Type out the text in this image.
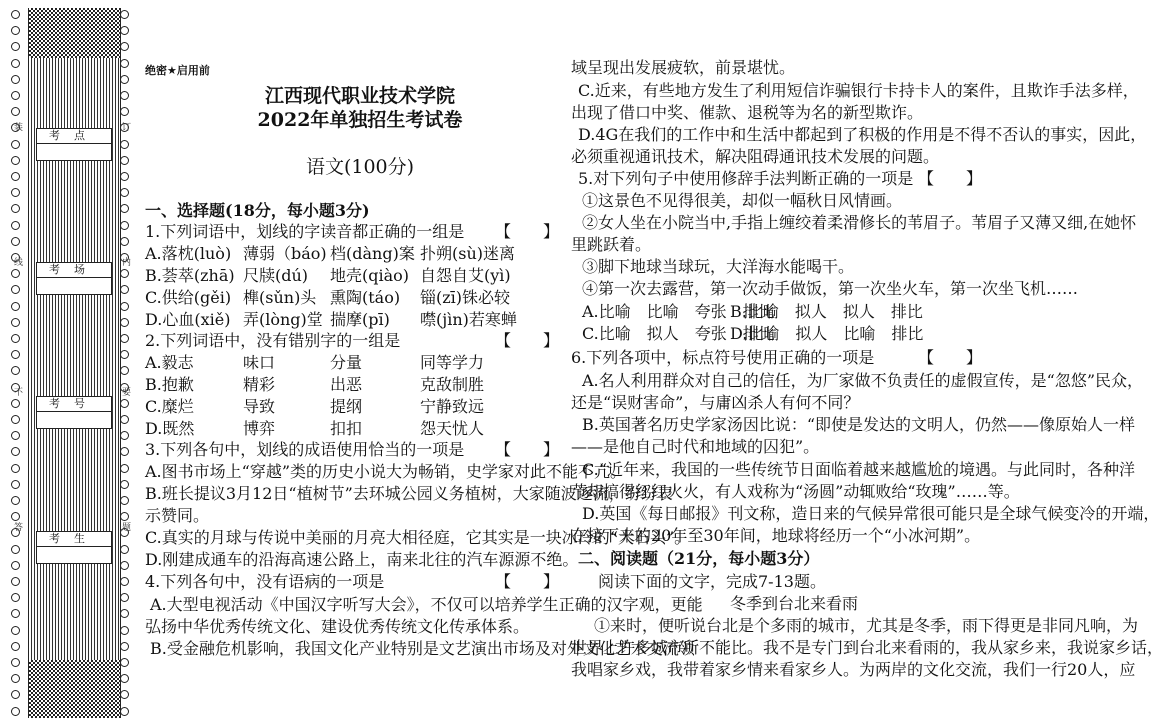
考点
考场
考号
考生
绝密★启用前
江西现代职业技术学院
2022年单独招生考试卷
语文(100分)
一、选择题(18分，每小题3分)
1.下列词语中，划线的字读音都正确的一组是 【　　】
A.落枕(luò) 薄弱（báo) 档(dàng)案 扑朔(sù)迷离
B.荟萃(zhā) 尺牍(dú) 地壳(qiào) 自怨自艾(yì)
C.供给(gěi) 榫(sǔn)头 熏陶(táo) 锱(zī)铢必较
D.心血(xiě) 弄(lòng)堂 揣摩(pī) 噤(jìn)若寒蝉
2.下列词语中，没有错别字的一组是	【　　】
A.毅志	味口	分量	同等学力
B.抱歉	精彩	出恶	克敌制胜
C.糜烂	导致	提纲	宁静致远
D.既然	博弈	扣扣	怨天忧人
3.下列各句中，划线的成语使用恰当的一项是 【　　】
A.图书市场上“穿越”类的历史小说大为畅销，史学家对此不能不亢。
B.班长提议3月12日“植树节”去环城公园义务植树，大家随波逐流，纷纷表
示赞同。
C.真实的月球与传说中美丽的月亮大相径庭，它其实是一块冰冷的“大石头”。
D.刚建成通车的沿海高速公路上，南来北往的汽车源源不绝。
4.下列各句中，没有语病的一项是	【　　】
A.大型电视活动《中国汉字听写大会》，不仅可以培养学生正确的汉字观，更能
弘扬中华优秀传统文化、建设优秀传统文化传承体系。
B.受金融危机影响，我国文化产业特别是文艺演出市场及对外文化艺术交流领
域呈现出发展疲软，前景堪忧。
C.近来，有些地方发生了利用短信诈骗银行卡持卡人的案件，且欺诈手法多样，
出现了借口中奖、催款、退税等为名的新型欺诈。
D.4G在我们的工作中和生活中都起到了积极的作用是不得不否认的事实，因此，
必须重视通讯技术，解决阻碍通讯技术发展的问题。
5.对下列句子中使用修辞手法判断正确的一项是 【　　】
①这景色不见得很美，却似一幅秋日风情画。
②女人坐在小院当中,手指上缠绞着柔滑修长的苇眉子。苇眉子又薄又细,在她怀
里跳跃着。
③脚下地球当球玩，大洋海水能喝干。
④第一次去露营，第一次动手做饭，第一次坐火车，第一次坐飞机……
A.比喻　比喻　夸张　排比
B.比喻　拟人　拟人　排比
C.比喻　拟人　夸张　排比
D.比喻　拟人　比喻　排比
6.下列各项中，标点符号使用正确的一项是	【　　】
A.名人利用群众对自己的信任，为厂家做不负责任的虚假宣传，是“忽悠”民众，
还是“误财害命”，与庸凶杀人有何不同？
B.英国著名历史学家汤因比说：“即使是发达的文明人，仍然——像原始人一样
——是他自己时代和地域的囚犯”。
C.“近年来，我国的一些传统节日面临着越来越尴尬的境遇。与此同时，各种洋
节却搞得红红火火，有人戏称为“汤圆”动辄败给“玫瑰”……等。
D.英国《每日邮报》刊文称，造日来的气候异常很可能只是全球气候变冷的开端，
在接下来的20年至30年间，地球将经历一个“小冰河期”。
二、阅读题（21分，每小题3分）
阅读下面的文字，完成7-13题。
冬季到台北来看雨
①来时，便听说台北是个多雨的城市，尤其是冬季，雨下得更是非同凡响，为
世界上许多城市所不能比。我不是专门到台北来看雨的，我从家乡来，我说家乡话，
我唱家乡戏，我带着家乡情来看家乡人。为两岸的文化交流，我们一行20人，应
装	订
线	内
不	要
答	题
